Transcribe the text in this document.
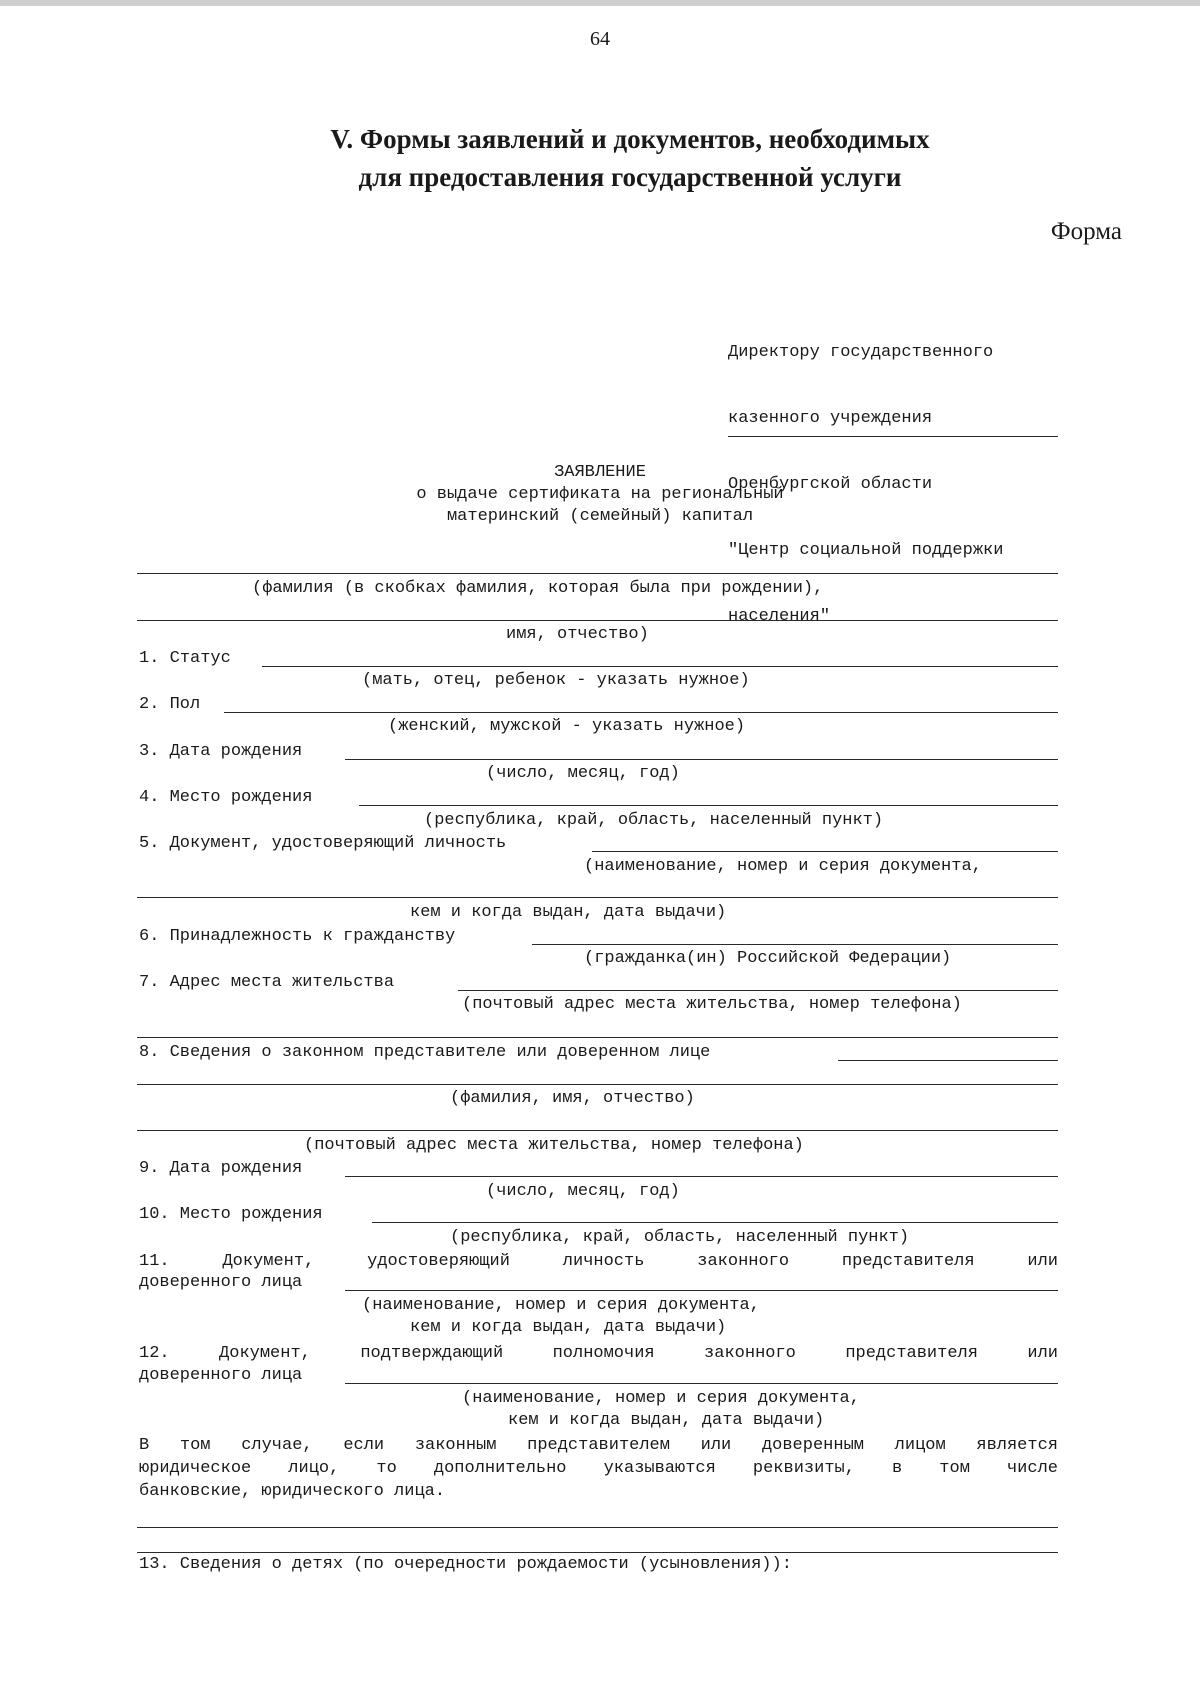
64
V. Формы заявлений и документов, необходимых
для предоставления государственной услуги
Форма

Директору государственного

казенного учреждения

Оренбургской области

"Центр социальной поддержки

населения"

ЗАЯВЛЕНИЕ
о выдаче сертификата на региональный
материнский (семейный) капитал
(фамилия (в скобках фамилия, которая была при рождении),
имя, отчество)
1. Статус
(мать, отец, ребенок - указать нужное)
2. Пол
(женский, мужской - указать нужное)
3. Дата рождения
(число, месяц, год)
4. Место рождения
(республика, край, область, населенный пункт)
5. Документ, удостоверяющий личность
(наименование, номер и серия документа,
кем и когда выдан, дата выдачи)
6. Принадлежность к гражданству
(гражданка(ин) Российской Федерации)
7. Адрес места жительства
(почтовый адрес места жительства, номер телефона)
8. Сведения о законном представителе или доверенном лице
(фамилия, имя, отчество)
(почтовый адрес места жительства, номер телефона)
9. Дата рождения
(число, месяц, год)
10. Место рождения
(республика, край, область, населенный пункт)
11. Документ, удостоверяющий личность законного представителя или
доверенного лица
(наименование, номер и серия документа,
кем и когда выдан, дата выдачи)
12. Документ, подтверждающий полномочия законного представителя или
доверенного лица
(наименование, номер и серия документа,
кем и когда выдан, дата выдачи)
В том случае, если законным представителем или доверенным лицом является
юридическое лицо, то дополнительно указываются реквизиты, в том числе
банковские, юридического лица.
13. Сведения о детях (по очередности рождаемости (усыновления)):
